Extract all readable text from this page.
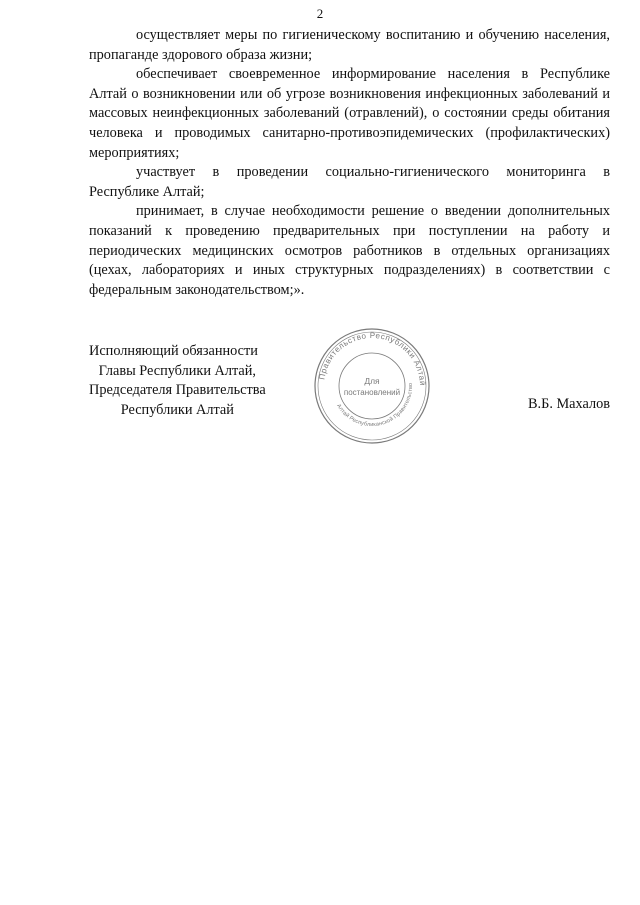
2

осуществляет меры по гигиеническому воспитанию и обучению населения, пропаганде здорового образа жизни;

обеспечивает своевременное информирование населения в Республике Алтай о возникновении или об угрозе возникновения инфекционных заболеваний и массовых неинфекционных заболеваний (отравлений), о состоянии среды обитания человека и проводимых санитарно-противоэпидемических (профилактических) мероприятиях;

участвует в проведении социально-гигиенического мониторинга в Республике Алтай;

принимает, в случае необходимости решение о введении дополнительных показаний к проведению предварительных при поступлении на работу и периодических медицинских осмотров работников в отдельных организациях (цехах, лабораториях и иных структурных подразделениях) в соответствии с федеральным законодательством;».

Исполняющий обязанности
Главы Республики Алтай,
Председателя Правительства
Республики Алтай	В.Б. Махалов
Правительство Республики Алтай
Алтай Республиканской Правительство
Для
постановлений
